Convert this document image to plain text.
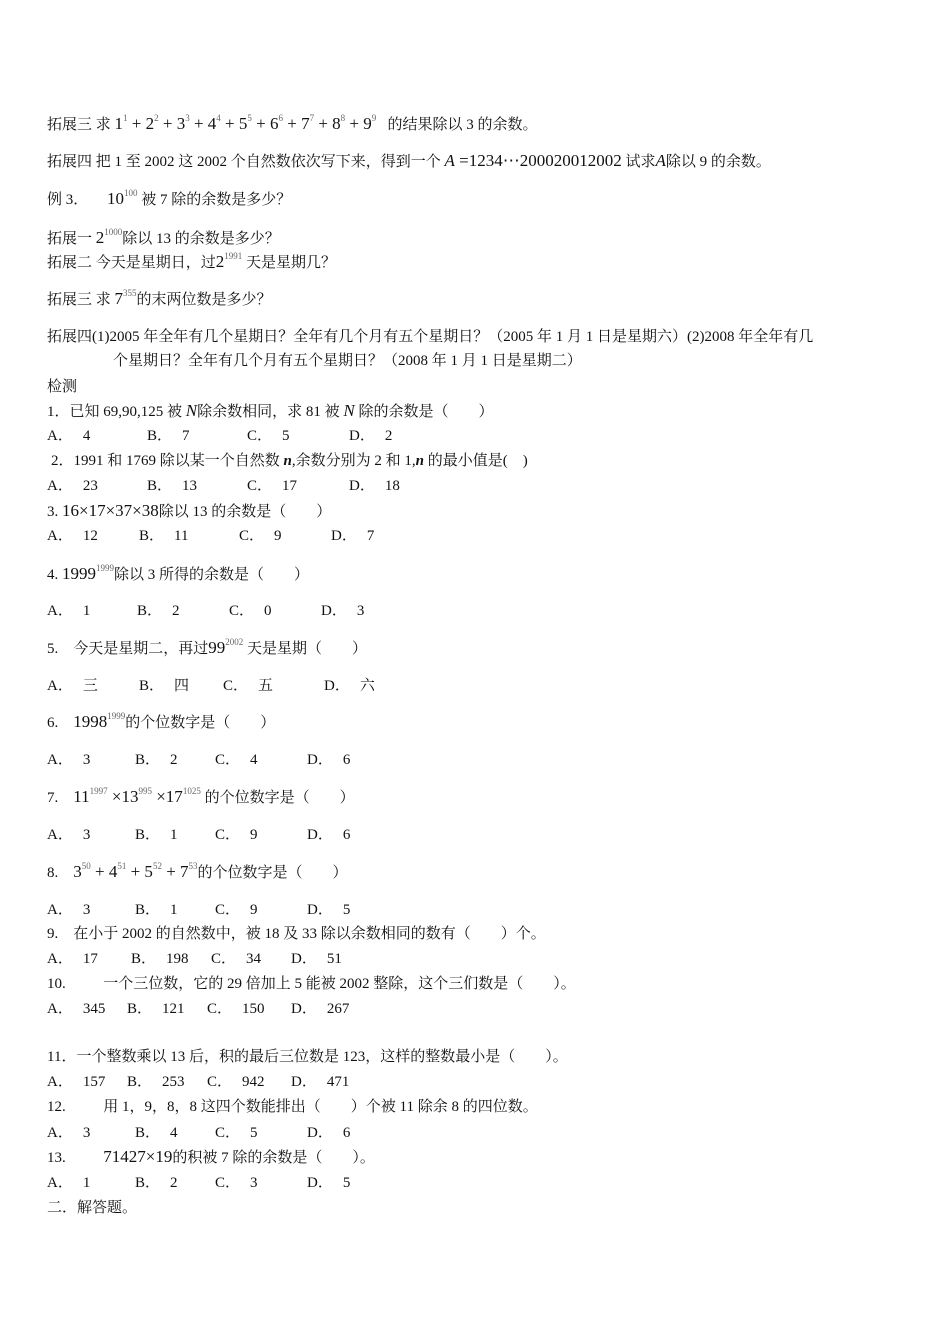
拓展三 求 $1^1 + 2^2 + 3^3 + 4^4 + 5^5 + 6^6 + 7^7 + 8^8 + 9^9$ 的结果除以 3 的余数。
拓展四 把 1 至 2002 这 2002 个自然数依次写下来，得到一个 A =1234⋯200020012002 试求A除以 9 的余数。
例 3． $10^{100}$ 被 7 除的余数是多少？
拓展一 $2^{1000}$除以 13 的余数是多少？
拓展二 今天是星期日，过$2^{1991}$ 天是星期几？
拓展三 求 $7^{355}$的末两位数是多少？
拓展四(1)2005 年全年有几个星期日？全年有几个月有五个星期日？（2005 年 1 月 1 日是星期六）(2)2008 年全年有几
个星期日？全年有几个月有五个星期日？（2008 年 1 月 1 日是星期二）
检测
1．已知 69,90,125 被 N除余数相同，求 81 被 N 除的余数是（　　）
A． 4	B． 7	C． 5	D． 2
2．1991 和 1769 除以某一个自然数 n,余数分别为 2 和 1,n 的最小值是(　)
A． 23	B． 13	C． 17	D． 18
3. 16×17×37×38除以 13 的余数是（　　）
A． 12	B． 11	C． 9	D． 7
4. $1999^{1999}$除以 3 所得的余数是（　　）
A． 1	B． 2	C． 0	D． 3
5. 今天是星期二，再过$99^{2002}$ 天是星期（　　）
A． 三	B． 四 C． 五	D． 六
6. $1998^{1999}$的个位数字是（　　）
A． 3	B． 2 C． 4	D． 6
7. $11^{1997} \times 13^{995} \times 17^{1025}$ 的个位数字是（　　）
A． 3	B． 1 C． 9	D． 6
8. $3^{50} + 4^{51} + 5^{52} + 7^{53}$的个位数字是（　　）
A． 3	B． 1 C． 9	D． 5
9.　在小于 2002 的自然数中，被 18 及 33 除以余数相同的数有（　　）个。
A． 17 B． 198 C． 34 D． 51
10.	一个三位数，它的 29 倍加上 5 能被 2002 整除，这个三们数是（　　）。
A． 345 B． 121 C． 150 D． 267
11．一个整数乘以 13 后，积的最后三位数是 123，这样的整数最小是（　　）。
A． 157 B． 253 C． 942 D． 471
12.	用 1，9，8，8 这四个数能排出（　　）个被 11 除余 8 的四位数。
A． 3	B． 4 C． 5	D． 6
13. 71427×19的积被 7 除的余数是（　　）。
A． 1	B． 2 C． 3	D． 5
二．解答题。
